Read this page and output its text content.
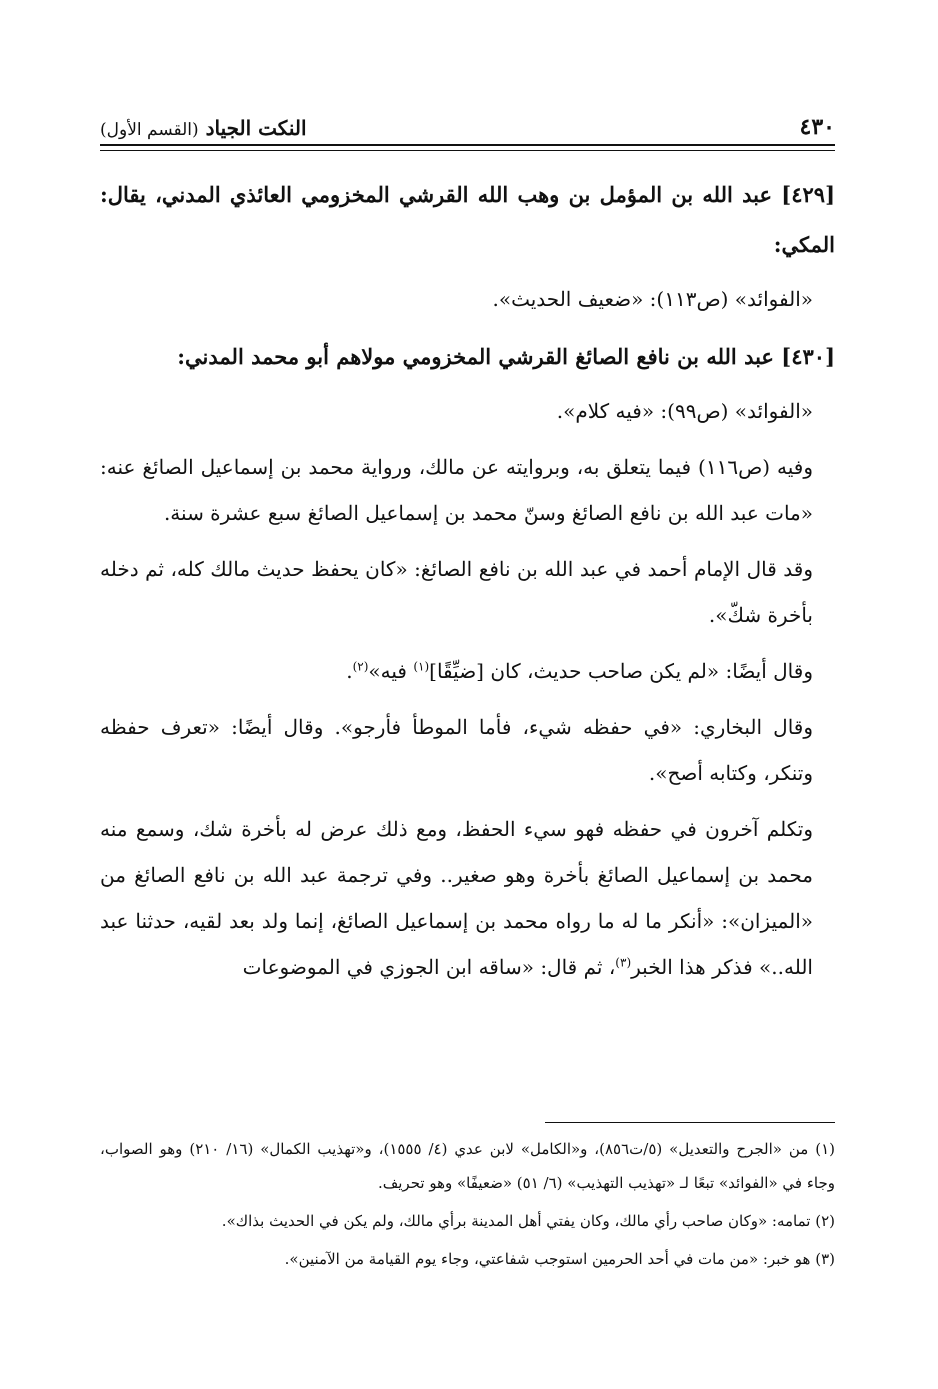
٤٣٠
النكت الجياد (القسم الأول)

[٤٢٩] عبد الله بن المؤمل بن وهب الله القرشي المخزومي العائذي المدني، يقال: المكي:

«الفوائد» (ص١١٣): «ضعيف الحديث».

[٤٣٠] عبد الله بن نافع الصائغ القرشي المخزومي مولاهم أبو محمد المدني:

«الفوائد» (ص٩٩): «فيه كلام».

وفيه (ص١١٦) فيما يتعلق به، وبروايته عن مالك، ورواية محمد بن إسماعيل الصائغ عنه: «مات عبد الله بن نافع الصائغ وسنّ محمد بن إسماعيل الصائغ سبع عشرة سنة.

وقد قال الإمام أحمد في عبد الله بن نافع الصائغ: «كان يحفظ حديث مالك كله، ثم دخله بأخرة شكّ».

وقال أيضًا: «لم يكن صاحب حديث، كان [ضيِّقًا]$^{(١)}$ فيه»$^{(٢)}$.

وقال البخاري: «في حفظه شيء، فأما الموطأ فأرجو». وقال أيضًا: «تعرف حفظه وتنكر، وكتابه أصح».

وتكلم آخرون في حفظه فهو سيء الحفظ، ومع ذلك عرض له بأخرة شك، وسمع منه محمد بن إسماعيل الصائغ بأخرة وهو صغير.. وفي ترجمة عبد الله بن نافع الصائغ من «الميزان»: «أنكر ما له ما رواه محمد بن إسماعيل الصائغ، إنما ولد بعد لقيه، حدثنا عبد الله..» فذكر هذا الخبر$^{(٣)}$، ثم قال: «ساقه ابن الجوزي في الموضوعات

(١) من «الجرح والتعديل» (٥/ت٨٥٦)، و«الكامل» لابن عدي (٤/ ١٥٥٥)، و«تهذيب الكمال» (١٦/ ٢١٠) وهو الصواب، وجاء في «الفوائد» تبعًا لـ «تهذيب التهذيب» (٦/ ٥١) «ضعيفًا» وهو تحريف.

(٢) تمامه: «وكان صاحب رأي مالك، وكان يفتي أهل المدينة برأي مالك، ولم يكن في الحديث بذاك».

(٣) هو خبر: «من مات في أحد الحرمين استوجب شفاعتي، وجاء يوم القيامة من الآمنين».
